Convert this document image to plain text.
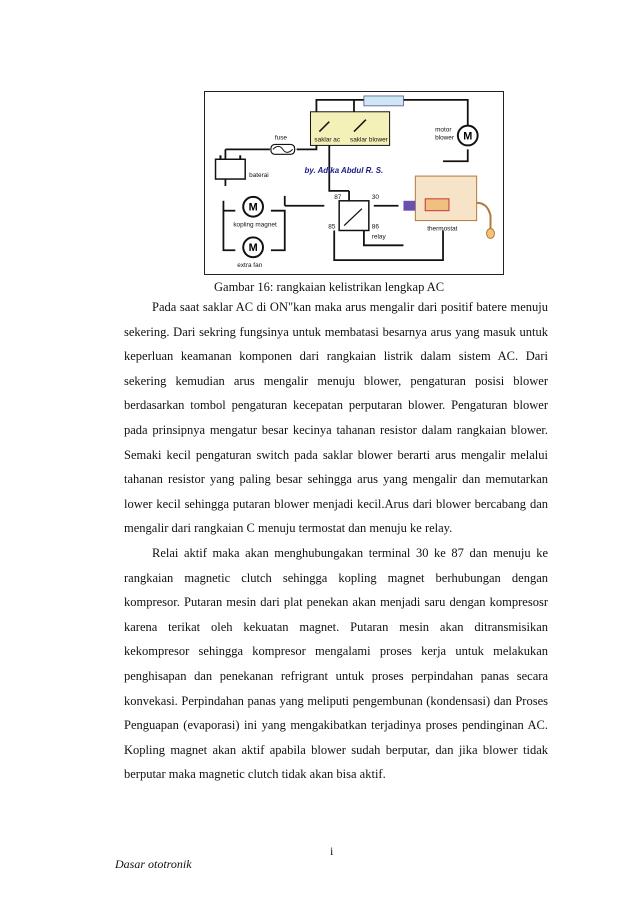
baterai
fuse	saklar ac saklar blower	M
motor
blower
by. Adika Abdul R. S.
M
kopling magnet
M
extra fan
87	30
85	86
relay
thermostat
Gambar 16: rangkaian kelistrikan lengkap AC

Pada saat saklar AC di ON"kan maka arus mengalir dari positif batere menuju sekering. Dari sekring fungsinya untuk membatasi besarnya arus yang masuk untuk keperluan keamanan komponen dari rangkaian listrik dalam sistem AC. Dari sekering kemudian arus mengalir menuju blower, pengaturan posisi blower berdasarkan tombol pengaturan kecepatan perputaran blower. Pengaturan blower pada prinsipnya mengatur besar kecinya tahanan resistor dalam rangkaian blower. Semaki kecil pengaturan switch pada saklar blower berarti arus mengalir melalui tahanan resistor yang paling besar sehingga arus yang mengalir dan memutarkan lower kecil sehingga putaran blower menjadi kecil.Arus dari blower bercabang dan mengalir dari rangkaian C menuju termostat dan menuju ke relay.

Relai aktif maka akan menghubungakan terminal 30 ke 87 dan menuju ke rangkaian magnetic clutch sehingga kopling magnet berhubungan dengan kompresor. Putaran mesin dari plat penekan akan menjadi saru dengan kompresosr karena terikat oleh kekuatan magnet. Putaran mesin akan ditransmisikan kekompresor sehingga kompresor mengalami proses kerja untuk melakukan penghisapan dan penekanan refrigrant untuk proses perpindahan panas secara konvekasi. Perpindahan panas yang meliputi pengembunan (kondensasi) dan Proses Penguapan (evaporasi) ini yang mengakibatkan terjadinya proses pendinginan AC. Kopling magnet akan aktif apabila blower sudah berputar, dan jika blower tidak berputar maka magnetic clutch tidak akan bisa aktif.

i
Dasar ototronik
